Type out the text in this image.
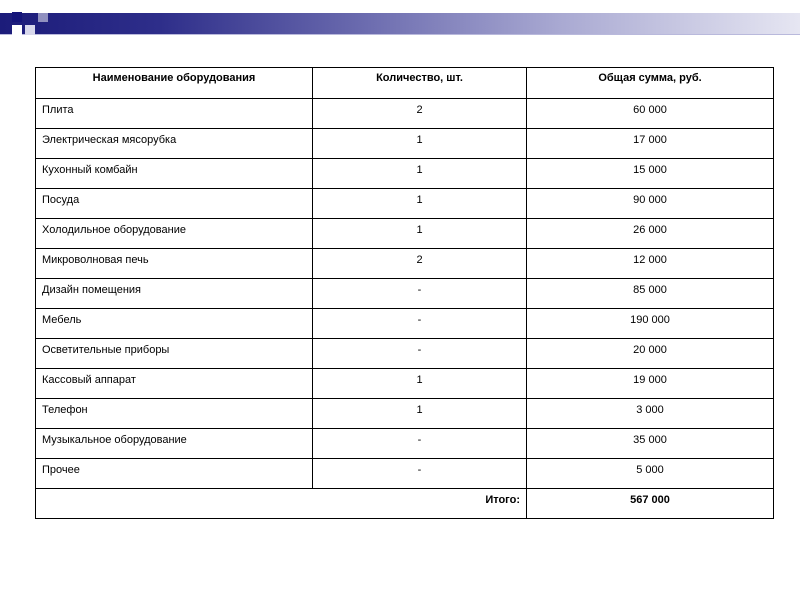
Наименование оборудования	Количество, шт.	Общая сумма, руб.
Плита	2	60 000
Электрическая мясорубка	1	17 000
Кухонный комбайн	1	15 000
Посуда	1	90 000
Холодильное оборудование	1	26 000
Микроволновая печь	2	12 000
Дизайн помещения	-	85 000
Мебель	-	190 000
Осветительные приборы	-	20 000
Кассовый аппарат	1	19 000
Телефон	1	3 000
Музыкальное оборудование	-	35 000
Прочее	-	5 000
Итого:		567 000
